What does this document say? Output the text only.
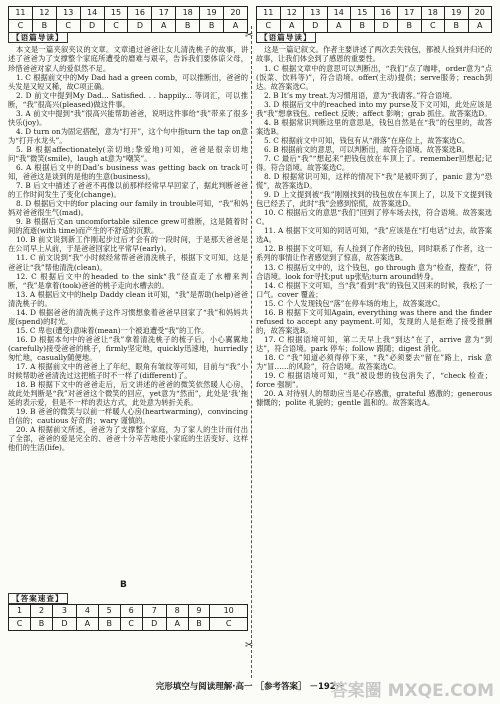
11	12	13	14	15	16	17	18	19	20
C	B	C	D	C	D	A	B	B	A
11	12	13	14	15	16	17	18	19	20
C	A	D	A	B	D	B	C	B	A
✂
✂
【语篇导读】

本文是一篇夹叙夹议的文章。文章通过爸爸让女儿清洗桃子的故事，讲述了爸爸为了支撑整个家庭所遭受的磨难与艰辛，告诉我们要体谅父母，珍惜爸爸对家人的爱似然不足。

1. C 根据前文中的My Dad had a green comb，可以推断出，爸爸的头发是又短又稀，故C项正确。

2. D 前文中提到My Dad... Satisfied. . . happily... 等词汇，可以推断，“我”很高兴(pleased)做这件事。

3. A 前文中提到“我”很高兴能帮助爸爸，说明这件事给“我”带来了很多快乐(joy)。

4. D turn on为固定搭配，意为“打开”，这个句中指turn the tap on意为“打开水龙头”。

5. B 根据affectionately(亲切地;挚爱地)可知，爸爸是很亲切地问“我”微笑(smile)，laugh at意为“嘲笑”。

6. A 根据后文中的Dad’s business was getting back on track可知，爸爸这是谈到的是他的生意(business)。

7. B 后文中描述了爸爸不再像以前那样经常早早回家了，据此判断爸爸的工作时间发生了变化(change)。

8. D 根据后文中的for placing our family in trouble可知，“我”和妈妈对爸爸很生气(mad)。

9. B 根据后文an uncomfortable silence grew可推断，这是随着时间的流逝(with time)而产生的不舒适的沉默。

10. B 前文说到新工作刚起步过后才会有的一段时间，于是那天爸爸是在公司早上从前，于是爸爸回家比平常早(early)。

11. C 前文说到“我”小时候经常帮爸爸清洗桃子，根据下文可知，这是爸爸让“我”帮他清洗(clean)。

12. C 根据后文中的headed to the sink“我”径直走了水槽来判断，“我”是拿着(took)爸爸的桃子走向水槽去的。

13. A 根据后文中的help Daddy clean it可知，“我”是帮助(help)爸爸清洗桃子的。

14. D 根据爸爸的清洗桃子这件习惯想象着爸爸早回家了“我”和妈妈共度(spend)的时光。

15. C 卑也(遭受)意味着(mean)一个被迫遭受“我”的工作。

16. D 根据本句中的爸爸让“我”拿着清洗桃子的梳子后，小心翼翼地(carefully)接受爸爸的桃子，firmly坚定地，quickly迅速地，hurriedly匆忙地，casually随便地。

17. A 根据前文中的爸爸上了年纪，眼角有皱纹等可知，目前与“我”小时候帮助爸爸清洗过这把梳子时不一样了(different)了。

18. B 根据下文中的爸爸走后，后文讲述的爸爸的微笑依然暖人心房，故此处判断是“我”对爸爸这个微笑的回应，yet意为“然而”，此处是‘我’拖延的表示爱，但是不一样的表达方式，此处意为转折关系。

19. B 爸爸的微笑与以前一样暖人心房(heartwarming)，convincing自信的；cautious 好奇的；wary 谨慎的。

20. A 根据前文所述，爸爸为了支撑整个家庭，为了家人的生计而付出了全部，爸爸的爱是完全的、爸爸十分辛苦地使小家庭的生活变好、这样他们的生活(life)。

B
【答案速查】
1	2	3	4	5	6	7	8	9	10
C	B	D	A	B	C	D	A	B	C
【语篇导读】

这是一篇记叙文。作者主要讲述了两次丢失钱包，都被人捡到并归还的故事，让我们体会到了感恩的重要性。

1. C 根据文章中的意思可以判断出，“我们”点了咖啡，order意为“点(饭菜、饮料等)”，符合语境。offer(主动)提供；serve服务；reach到达。故答案选C。

2. B It’s my treat.为习惯用语，意为“我请客。”符合语境。

3. D 根据后文中的reached into my purse及下文可知，此处应该是我“我”想拿钱包。reflect 反映；affect 影响；grab 抓住。故答案选D。

4. B 根据常识判断这里的意思是，钱包自然是在“我”的包里的，故答案选B。

5. C 根据前文中可知，钱包有从“滑落”在座位上，故答案选C。

6. B 根据前文的意思，可以判断出，故符合语境。故答案选B。

7. C 最后“我”“想起来”把钱包放在车顶上了。remember回想起;记得。符合语境。故答案选C。

8. D 根据常识可知，这样的情况下“我”是被吓到了，panic 意为“恐慌”，故答案选D。

9. D 上文提到被“我”刚刚找到的钱包放在车顶上了，以及下文提到钱包已经丢了，此时“我”会感到惊慌，故答案选D。

10. C 根据后文的意思“我们”回到了停车场去找，符合语境。故答案选C。

11. A 根据下文可知的同话可知，“我”应该是在“打电话”过去，故答案选A。

12. B 根据下文可知，有人捡到了作者的钱包，同时联系了作者，这一系列的事情让作者感觉到了惊喜，故答案选B。

13. C 根据后文中的，这个钱包，go through 意为“检查，搜查”，符合语境。look for寻找;put up张贴;turn around转身。

14. C 根据下文可知，当“我”看到“我”的钱包又回来的时候，我松了一口气。cover 覆盖；

15. C 个人发现钱包“落”在停车场的地上，故答案选C。

16. B 根据下文可知Again, everything was there and the finder refused to accept any payment.可知，发现的人是拒绝了接受报酬的，故答案选B。

17. C 根据语境可知，第二天早上我“到达”在了，arrive 意为“到达”，符合语境。park 停车；follow 跟随；digest 消化。

18. C “我”知道必须得停下来，“我”必须要去“留在”路上，risk 意为“冒……的风险”，符合语境。故答案选C。

19. C 根据语境可知，“我”被设想的钱包消失了，“check 检查；force 强制”。

20. A 对待别人的帮助应当是心存感激，grateful 感激的；generous 慷慨的；polite 礼貌的；gentle 温和的。故答案选A。

完形填空与阅读理解·高一 ［参考答案］ －192－
答案圈 MXQE.COM
